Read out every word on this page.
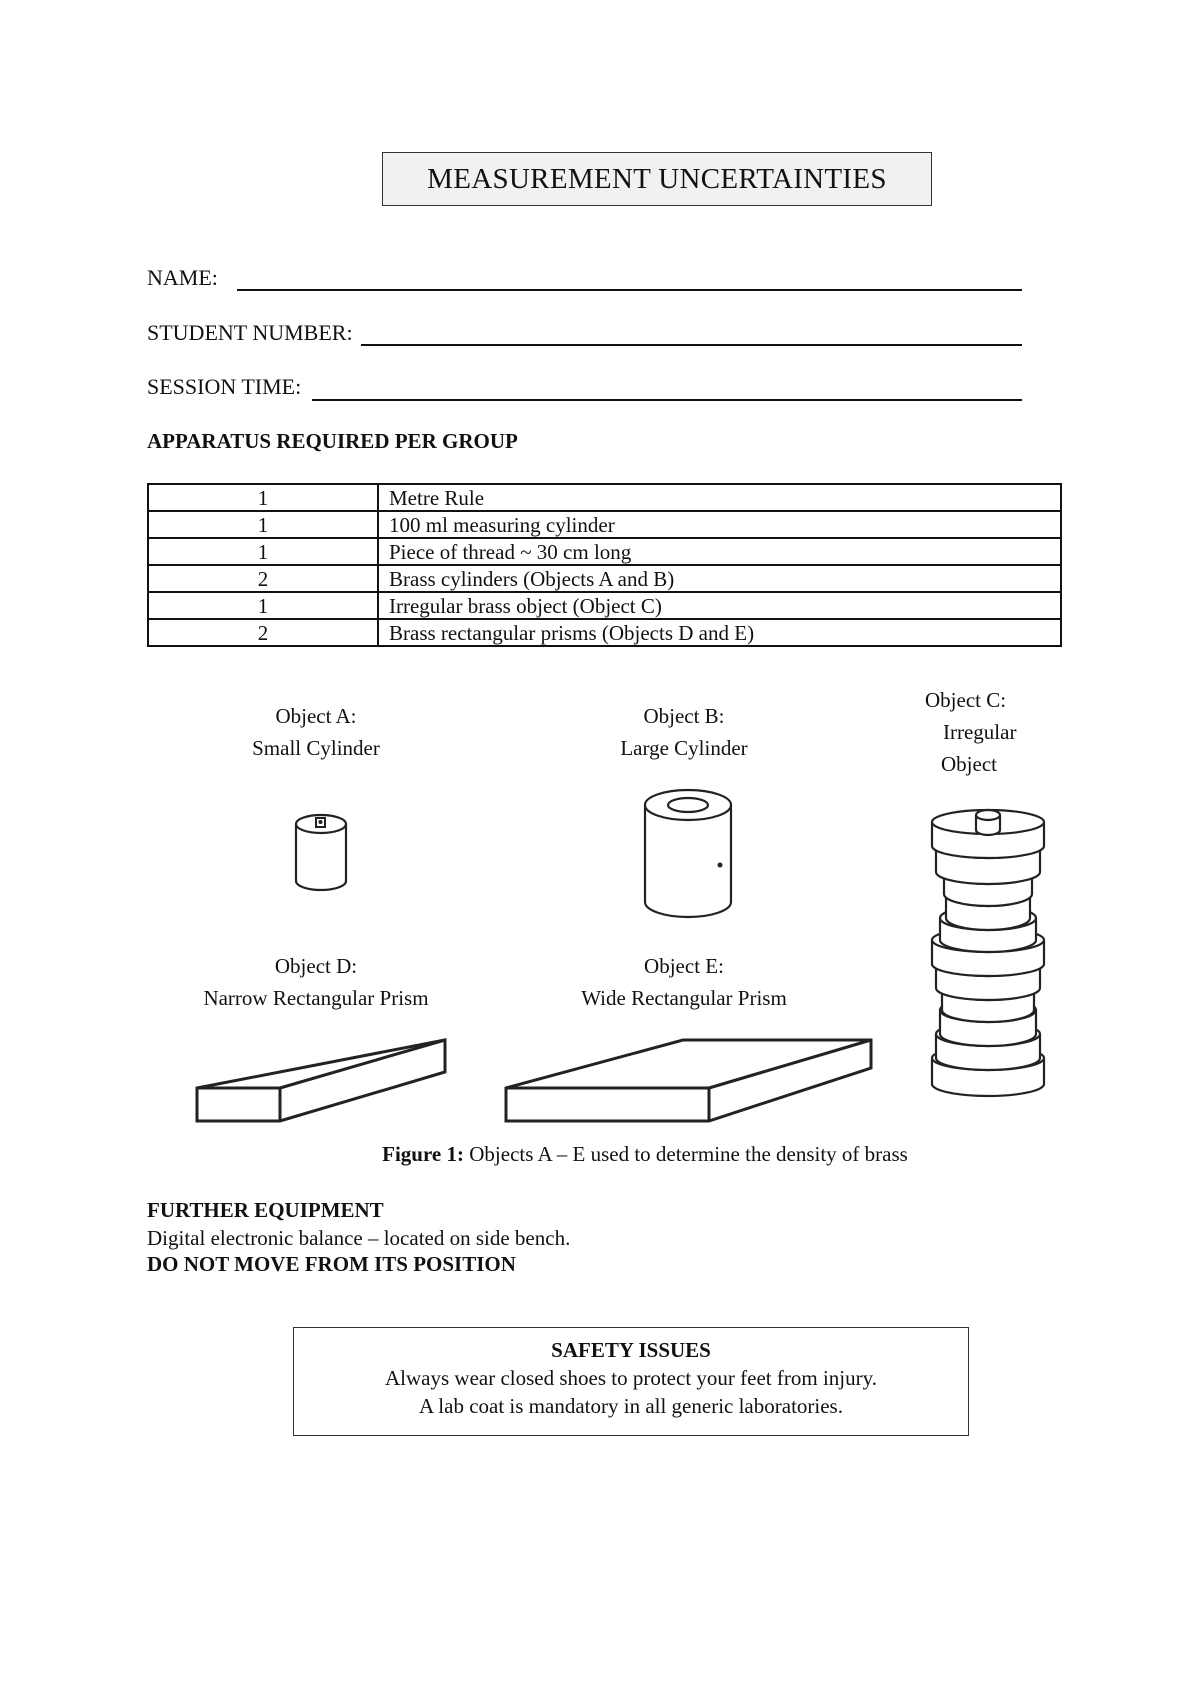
MEASUREMENT UNCERTAINTIES
NAME:
STUDENT NUMBER:
SESSION TIME:
APPARATUS REQUIRED PER GROUP
1	Metre Rule
1	100 ml measuring cylinder
1	Piece of thread ~ 30 cm long
2	Brass cylinders (Objects A and B)
1	Irregular brass object (Object C)
2	Brass rectangular prisms (Objects D and E)
Object A:
Small Cylinder
Object B:
Large Cylinder
Object C:
Irregular
Object
Object D:
Narrow Rectangular Prism
Object E:
Wide Rectangular Prism
Figure 1: Objects A – E used to determine the density of brass
FURTHER EQUIPMENT
Digital electronic balance – located on side bench.
DO NOT MOVE FROM ITS POSITION
SAFETY ISSUES
Always wear closed shoes to protect your feet from injury.
A lab coat is mandatory in all generic laboratories.
